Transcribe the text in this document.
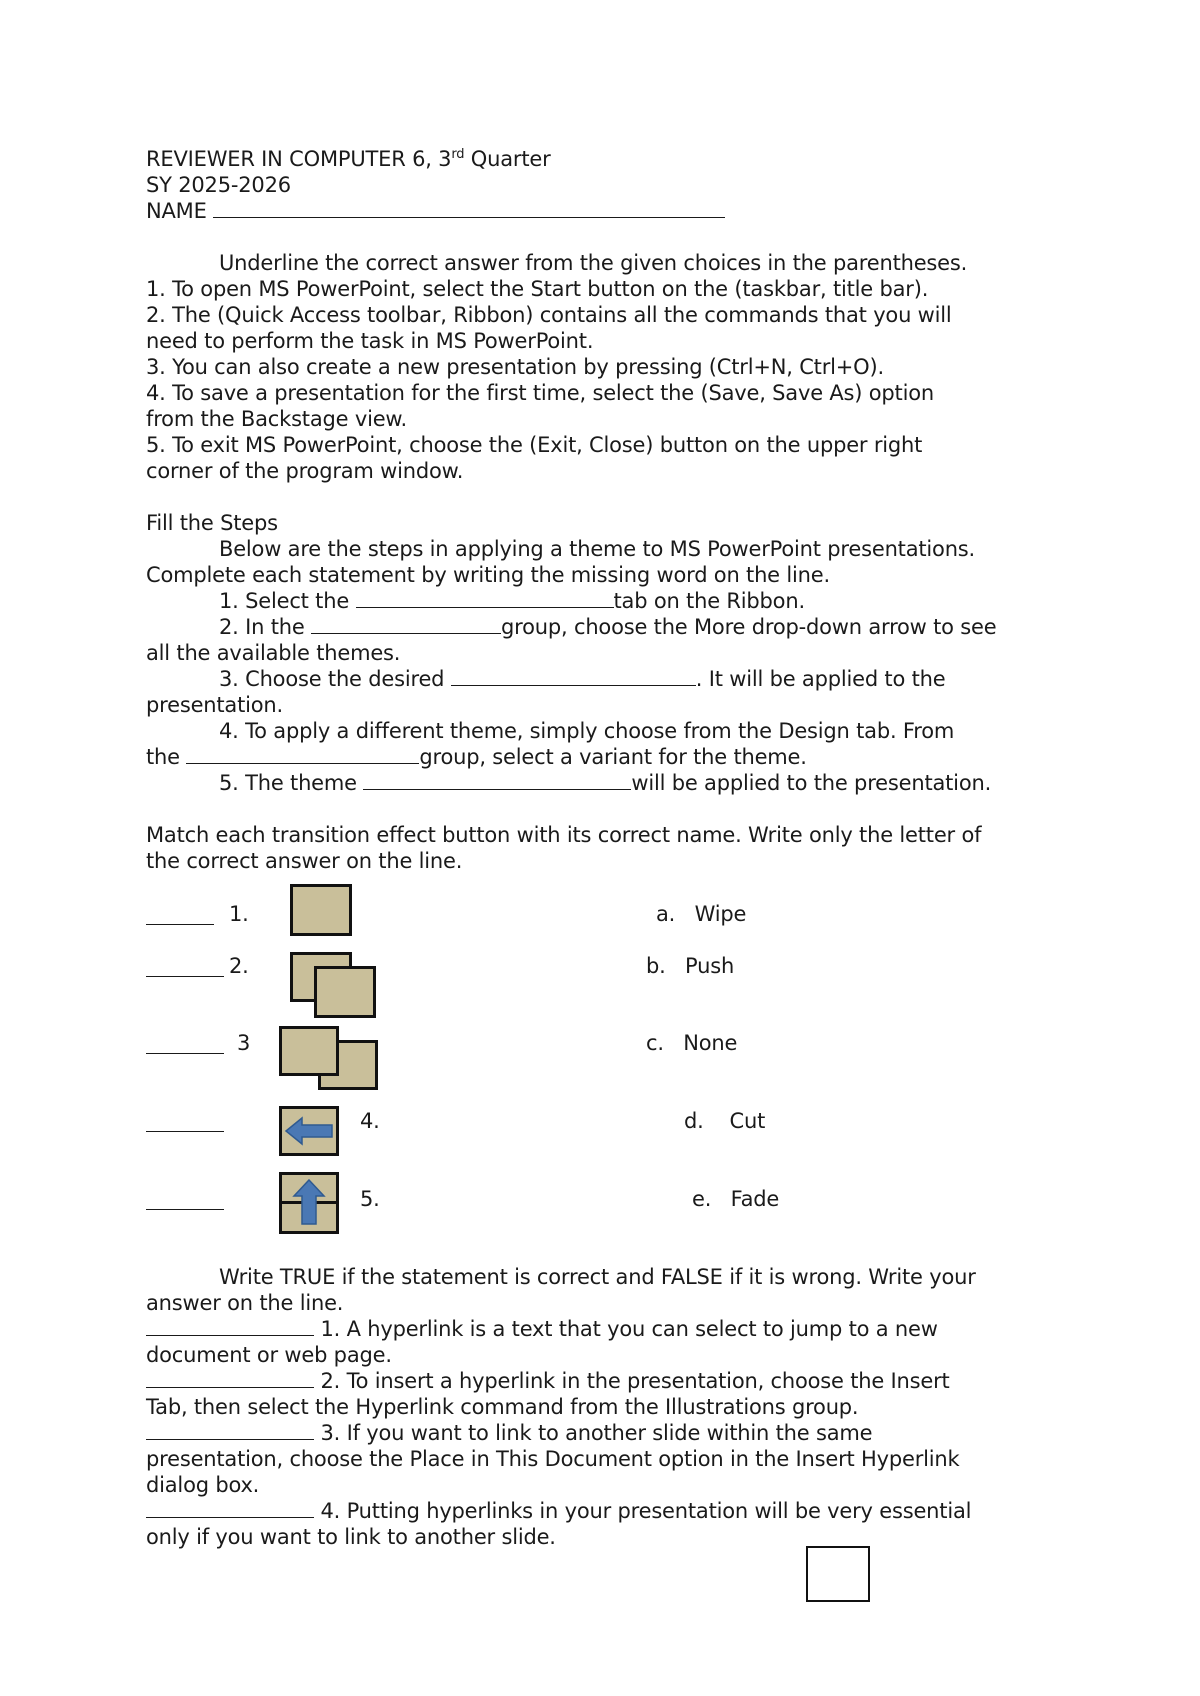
REVIEWER IN COMPUTER 6, 3rd Quarter
SY 2025-2026
NAME
Underline the correct answer from the given choices in the parentheses.
1. To open MS PowerPoint, select the Start button on the (taskbar, title bar).
2. The (Quick Access toolbar, Ribbon) contains all the commands that you will
need to perform the task in MS PowerPoint.
3. You can also create a new presentation by pressing (Ctrl+N, Ctrl+O).
4. To save a presentation for the first time, select the (Save, Save As) option
from the Backstage view.
5. To exit MS PowerPoint, choose the (Exit, Close) button on the upper right
corner of the program window.
Fill the Steps
Below are the steps in applying a theme to MS PowerPoint presentations.
Complete each statement by writing the missing word on the line.
1. Select the	tab on the Ribbon.
2. In the	group, choose the More drop-down arrow to see
all the available themes.
3. Choose the desired	. It will be applied to the
presentation.
4. To apply a different theme, simply choose from the Design tab. From
the	group, select a variant for the theme.
5. The theme	will be applied to the presentation.
Match each transition effect button with its correct name. Write only the letter of
the correct answer on the line.
1.	a. Wipe
2.	b. Push
3	c. None
4.	d. Cut
5.	e. Fade
Write TRUE if the statement is correct and FALSE if it is wrong. Write your
answer on the line.
1. A hyperlink is a text that you can select to jump to a new
document or web page.
2. To insert a hyperlink in the presentation, choose the Insert
Tab, then select the Hyperlink command from the Illustrations group.
3. If you want to link to another slide within the same
presentation, choose the Place in This Document option in the Insert Hyperlink
dialog box.
4. Putting hyperlinks in your presentation will be very essential
only if you want to link to another slide.
